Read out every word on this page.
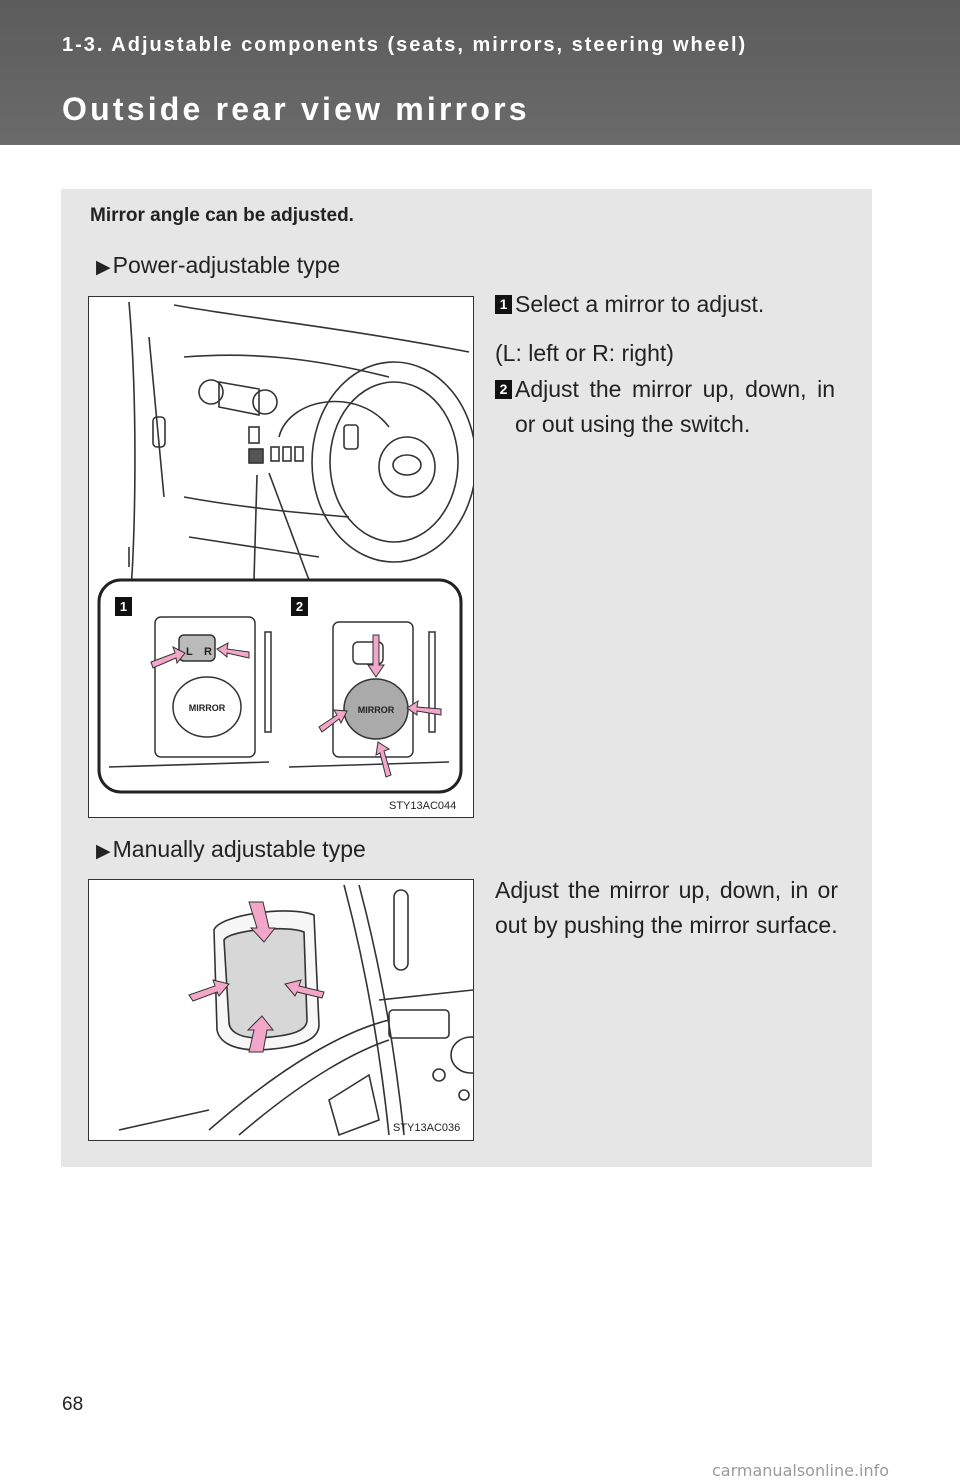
1-3. Adjustable components (seats, mirrors, steering wheel)
Outside rear view mirrors
Mirror angle can be adjusted.
▶Power-adjustable type
1	2
L R
MIRROR	MIRROR
STY13AC044
1 Select a mirror to adjust.
(L: left or R: right)
2 Adjust the mirror up, down, in or out using the switch.
▶Manually adjustable type
STY13AC036
Adjust the mirror up, down, in or out by pushing the mirror surface.
68
carmanualsonline.info
